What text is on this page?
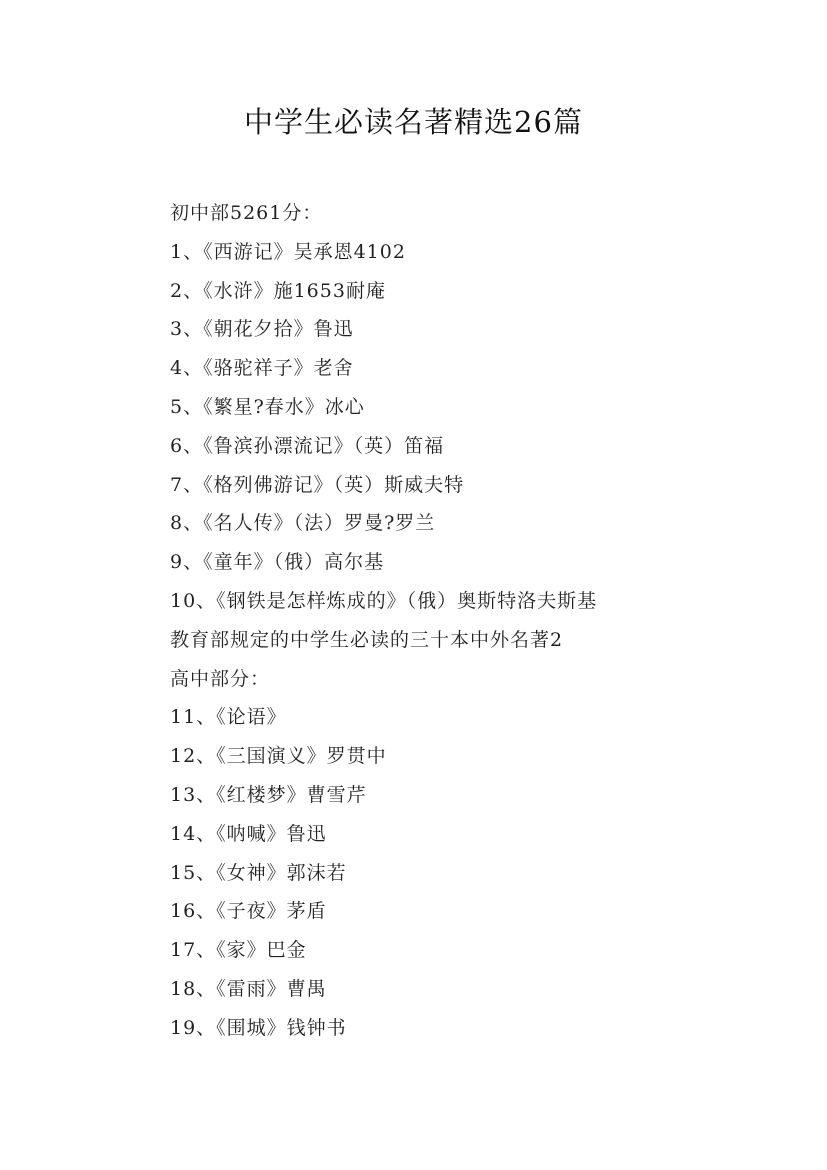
中学生必读名著精选26篇
初中部5261分：
1、《西游记》吴承恩4102
2、《水浒》施1653耐庵
3、《朝花夕拾》鲁迅
4、《骆驼祥子》老舍
5、《繁星?春水》冰心
6、《鲁滨孙漂流记》（英）笛福
7、《格列佛游记》（英）斯威夫特
8、《名人传》（法）罗曼?罗兰
9、《童年》（俄）高尔基
10、《钢铁是怎样炼成的》（俄）奥斯特洛夫斯基
教育部规定的中学生必读的三十本中外名著2
高中部分：
11、《论语》
12、《三国演义》罗贯中
13、《红楼梦》曹雪芹
14、《呐喊》鲁迅
15、《女神》郭沫若
16、《子夜》茅盾
17、《家》巴金
18、《雷雨》曹禺
19、《围城》钱钟书
